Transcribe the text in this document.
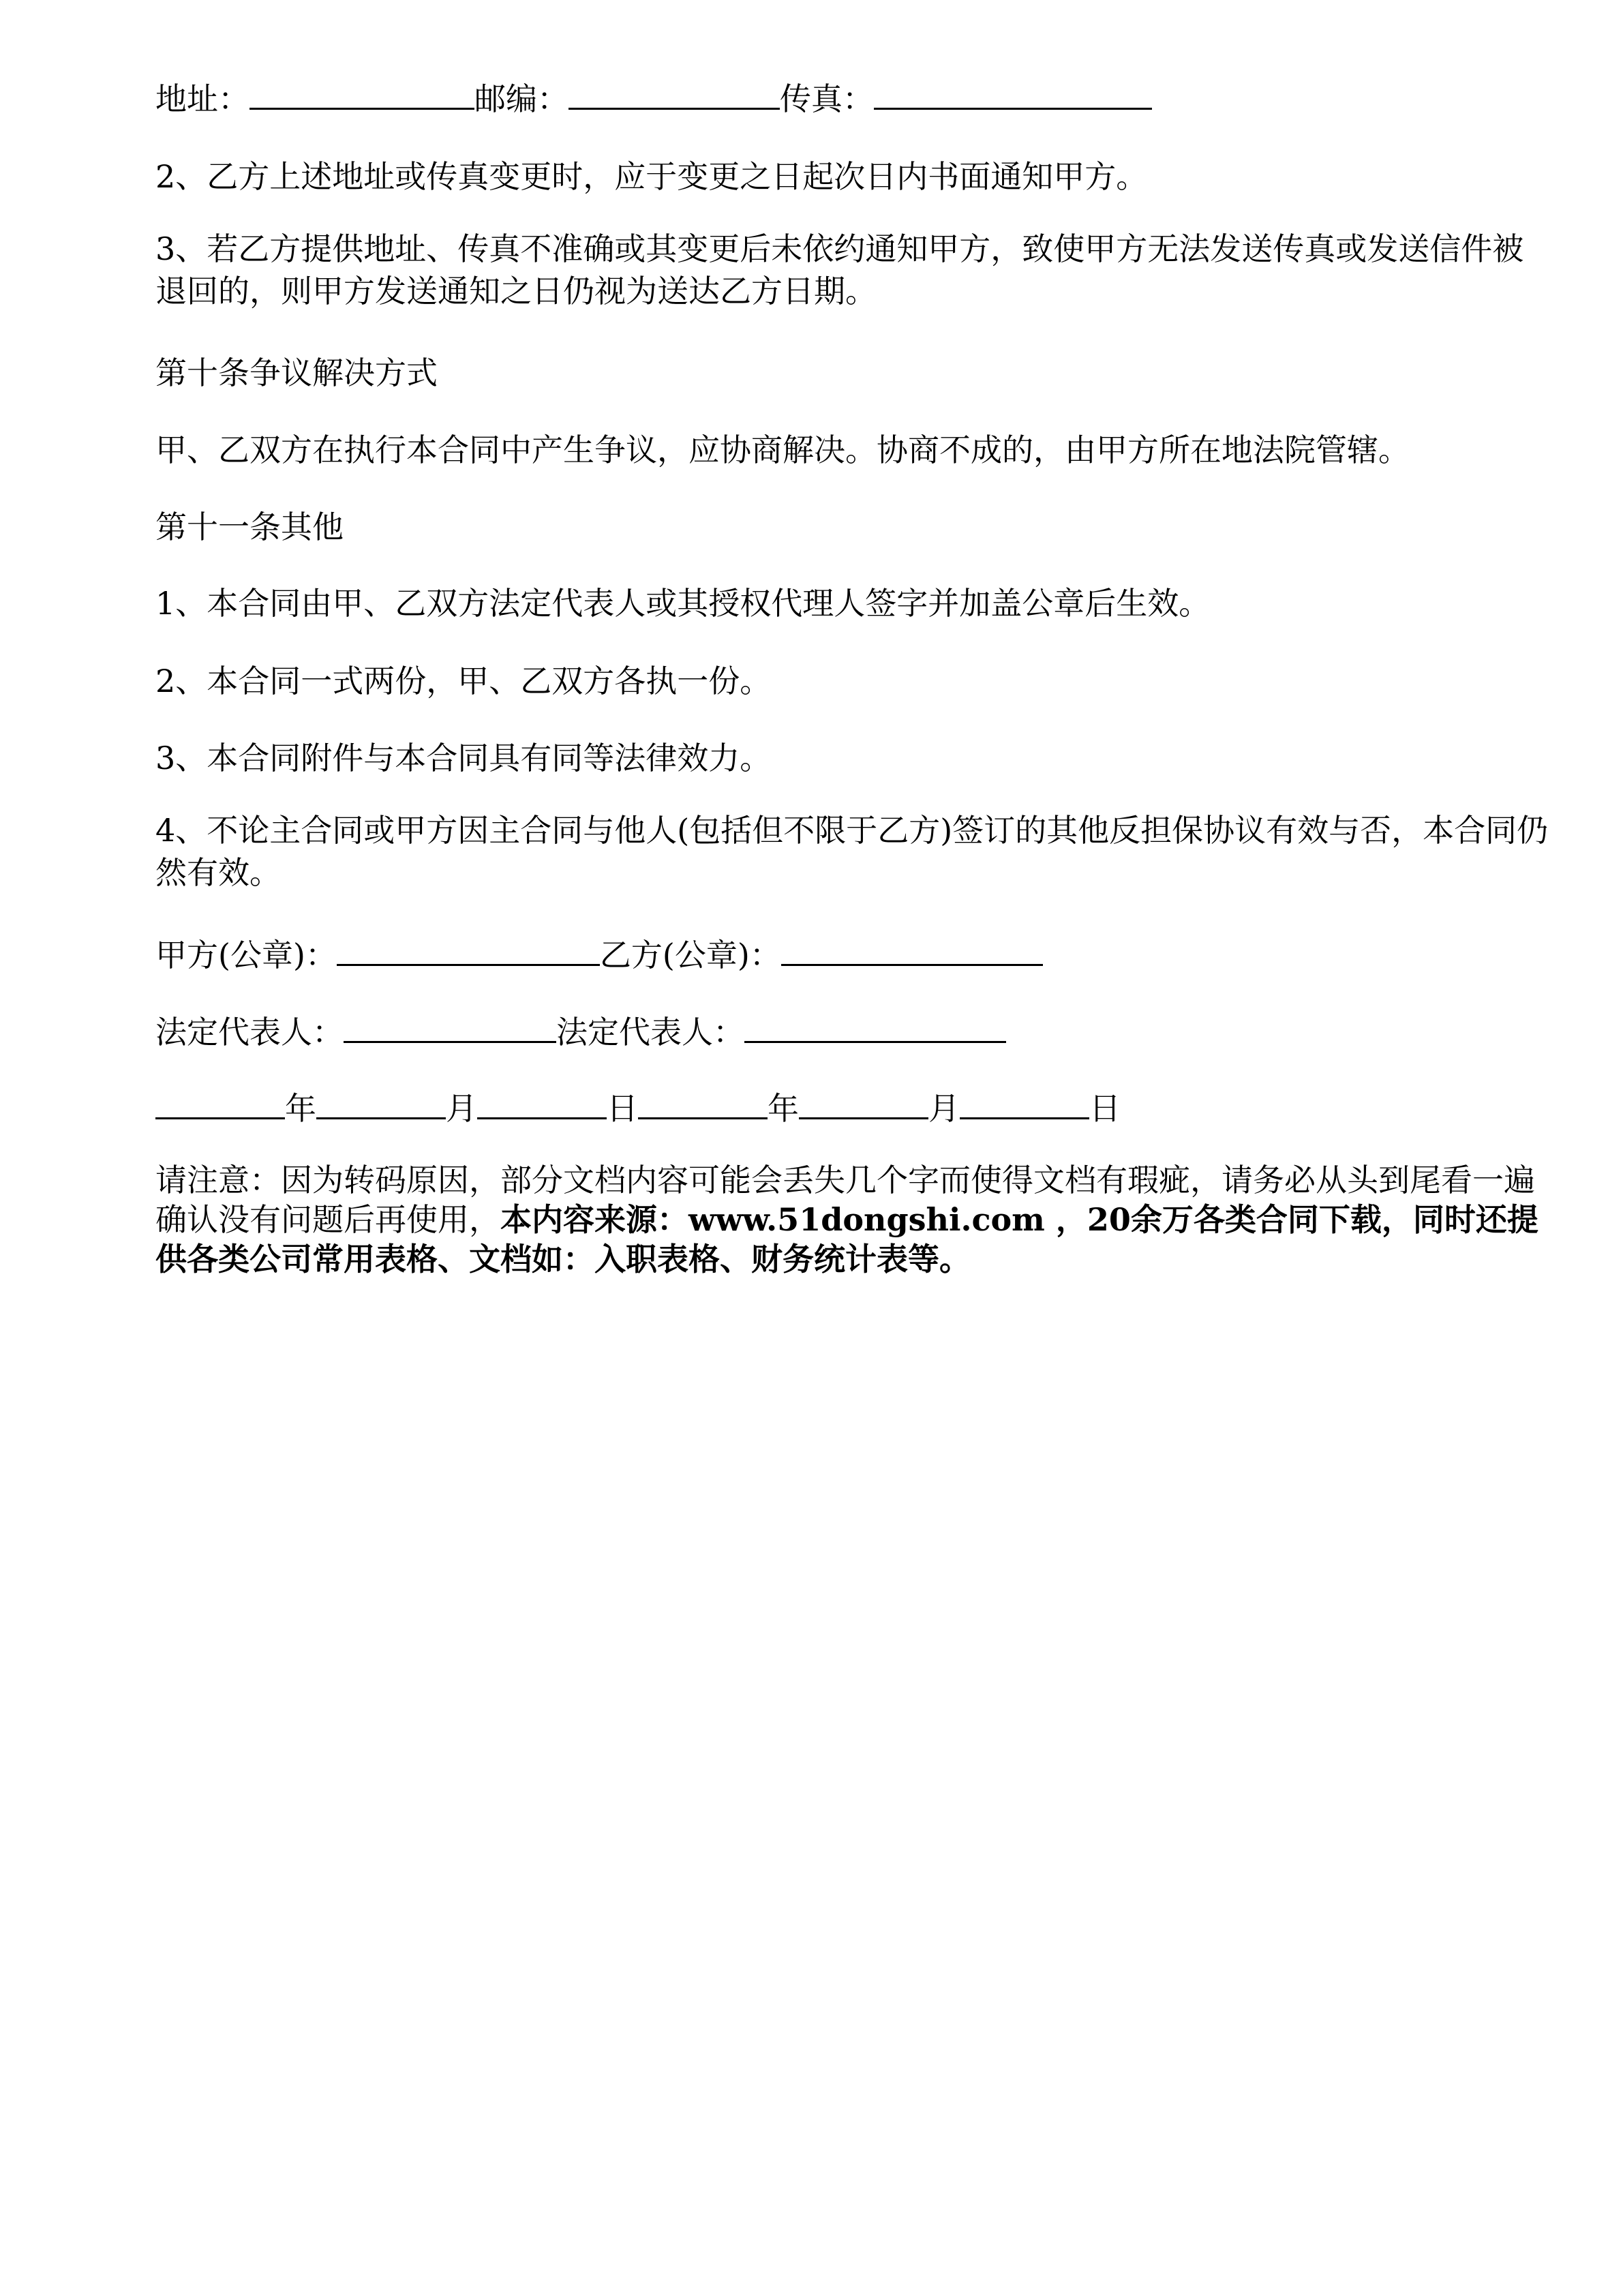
地址：	邮编：	传真：
2、乙方上述地址或传真变更时，应于变更之日起次日内书面通知甲方。
3、若乙方提供地址、传真不准确或其变更后未依约通知甲方，致使甲方无法发送传真或发送信件被退回的，则甲方发送通知之日仍视为送达乙方日期。
第十条争议解决方式
甲、乙双方在执行本合同中产生争议，应协商解决。协商不成的，由甲方所在地法院管辖。
第十一条其他
1、本合同由甲、乙双方法定代表人或其授权代理人签字并加盖公章后生效。
2、本合同一式两份，甲、乙双方各执一份。
3、本合同附件与本合同具有同等法律效力。
4、不论主合同或甲方因主合同与他人(包括但不限于乙方)签订的其他反担保协议有效与否，本合同仍然有效。
甲方(公章)：	乙方(公章)：
法定代表人：	法定代表人：
年	月	日	年	月	日
请注意：因为转码原因，部分文档内容可能会丢失几个字而使得文档有瑕疵，请务必从头到尾看一遍确认没有问题后再使用，本内容来源：www.51dongshi.com ，20余万各类合同下载，同时还提供各类公司常用表格、文档如：入职表格、财务统计表等。
